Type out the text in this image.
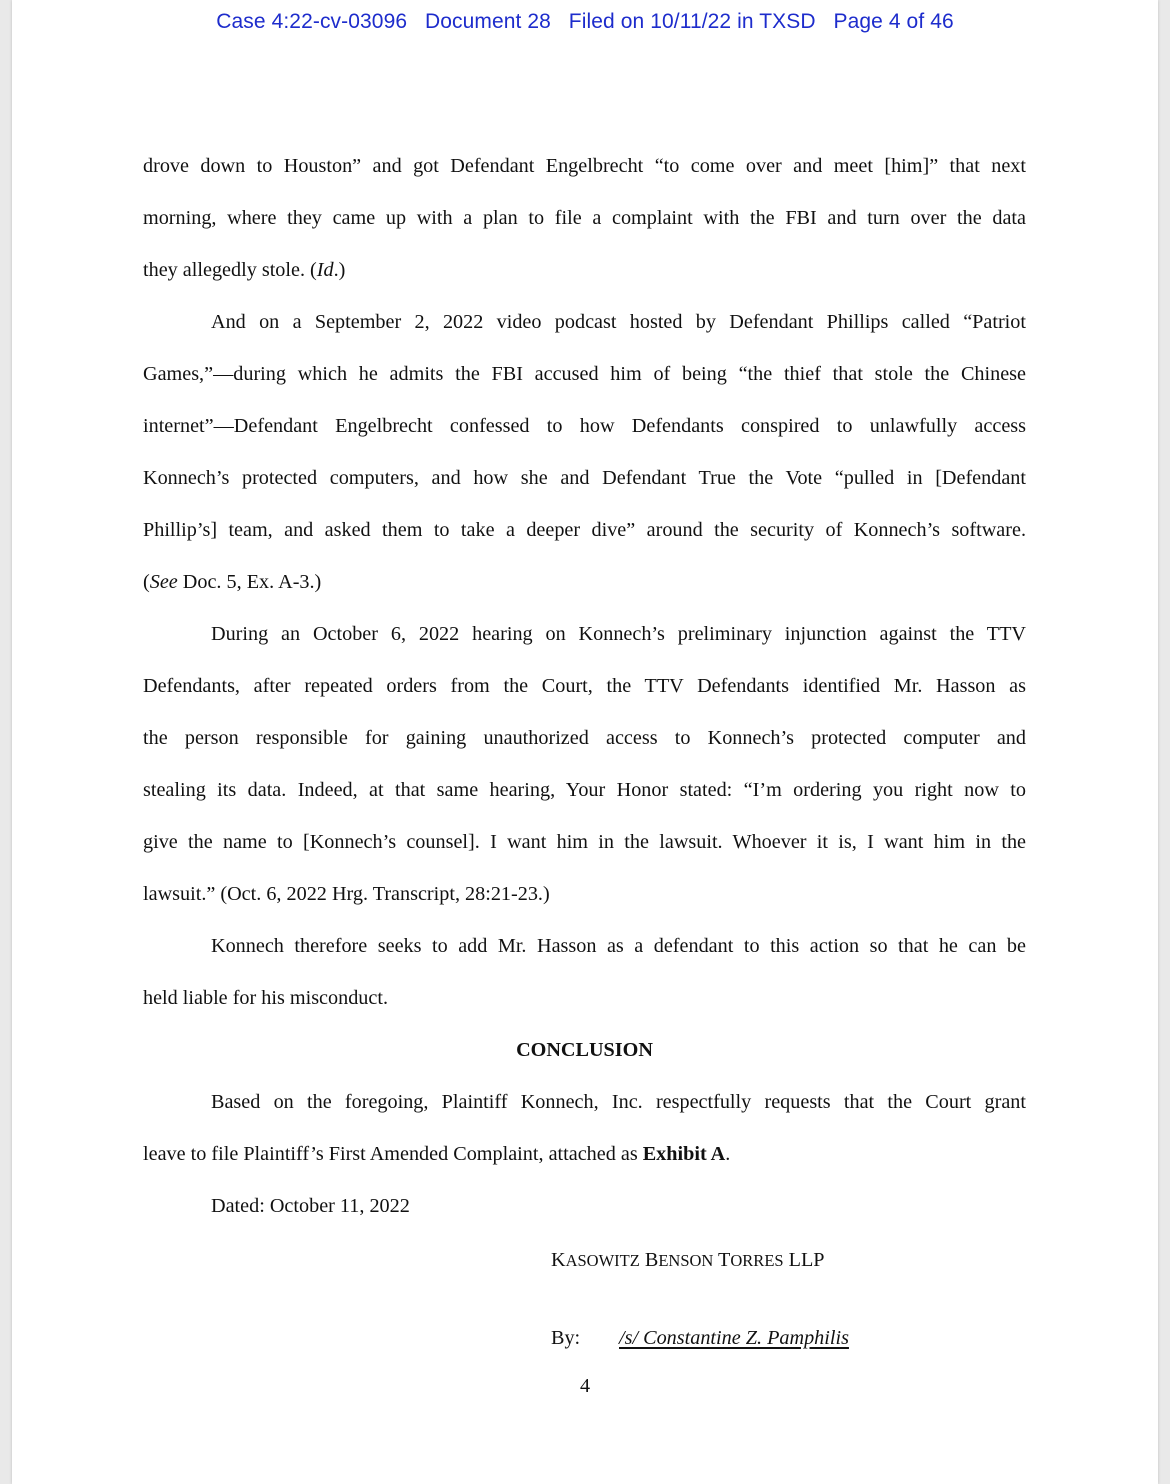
Case 4:22-cv-03096 Document 28 Filed on 10/11/22 in TXSD Page 4 of 46
drove down to Houston” and got Defendant Engelbrecht “to come over and meet [him]” that next
morning, where they came up with a plan to file a complaint with the FBI and turn over the data
they allegedly stole. (Id.)
And on a September 2, 2022 video podcast hosted by Defendant Phillips called “Patriot
Games,”—during which he admits the FBI accused him of being “the thief that stole the Chinese
internet”—Defendant Engelbrecht confessed to how Defendants conspired to unlawfully access
Konnech’s protected computers, and how she and Defendant True the Vote “pulled in [Defendant
Phillip’s] team, and asked them to take a deeper dive” around the security of Konnech’s software.
(See Doc. 5, Ex. A-3.)
During an October 6, 2022 hearing on Konnech’s preliminary injunction against the TTV
Defendants, after repeated orders from the Court, the TTV Defendants identified Mr. Hasson as
the person responsible for gaining unauthorized access to Konnech’s protected computer and
stealing its data. Indeed, at that same hearing, Your Honor stated: “I’m ordering you right now to
give the name to [Konnech’s counsel]. I want him in the lawsuit. Whoever it is, I want him in the
lawsuit.” (Oct. 6, 2022 Hrg. Transcript, 28:21-23.)
Konnech therefore seeks to add Mr. Hasson as a defendant to this action so that he can be
held liable for his misconduct.
CONCLUSION
Based on the foregoing, Plaintiff Konnech, Inc. respectfully requests that the Court grant
leave to file Plaintiff’s First Amended Complaint, attached as Exhibit A.
Dated: October 11, 2022
KASOWITZ BENSON TORRES LLP
By: /s/ Constantine Z. Pamphilis
4
